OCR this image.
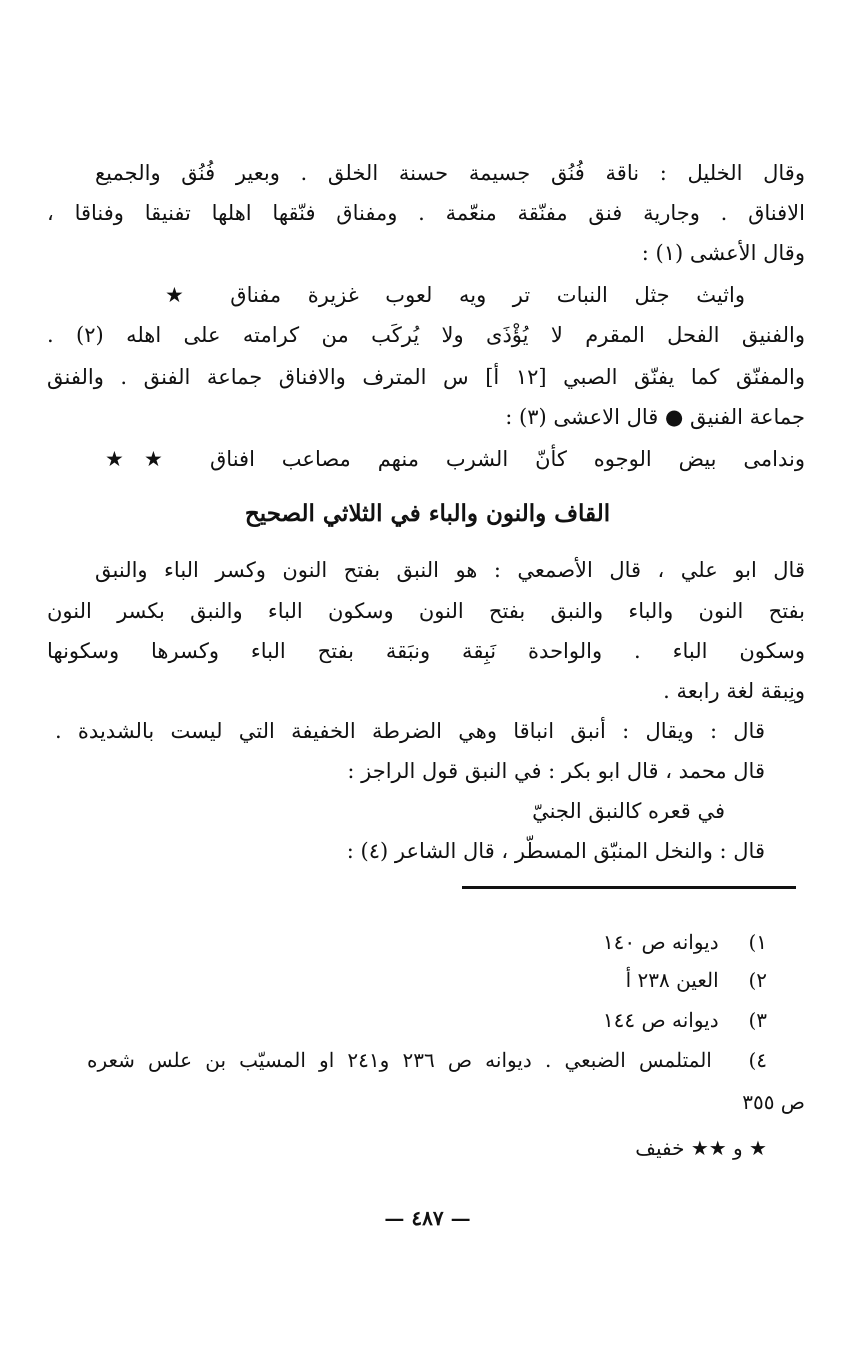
وقال الخليل : ناقة فُنُق جسيمة حسنة الخلق . وبعير فُنُق والجميع
الافناق . وجارية فنق مفنّقة منعّمة . ومفناق فنّقها اهلها تفنيقا وفناقا ،
وقال الأعشى (١) :
واثيث جثل النبات تر ويه لعوب غزيرة مفناق ★
والفنيق الفحل المقرم لا يُؤْذَى ولا يُركَب من كرامته على اهله (٢) .
والمفنّق كما يفنّق الصبي [١٢ أ] س المترف والافناق جماعة الفنق . والفنق
جماعة الفنيق ● قال الاعشى (٣) :
وندامى بيض الوجوه كأنّ الشرب منهم مصاعب افناق ★★
القاف والنون والباء في الثلاثي الصحيح
قال ابو علي ، قال الأصمعي : هو النبق بفتح النون وكسر الباء والنبق
بفتح النون والباء والنبق بفتح النون وسكون الباء والنبق بكسر النون
وسكون الباء . والواحدة نَبِقة ونبَقة بفتح الباء وكسرها وسكونها
ونِبقة لغة رابعة .
قال : ويقال : أنبق انباقا وهي الضرطة الخفيفة التي ليست بالشديدة .
قال محمد ، قال ابو بكر : في النبق قول الراجز :
في قعره كالنبق الجنيّ
قال : والنخل المنبّق المسطّر ، قال الشاعر (٤) :
١) ديوانه ص ١٤٠
٢) العين ٢٣٨ أ
٣) ديوانه ص ١٤٤
٤) المتلمس الضبعي . ديوانه ص ٢٣٦ و٢٤١ او المسيّب بن علس شعره
ص ٣٥٥
★ و ★★ خفيف
— ٤٨٧ —
